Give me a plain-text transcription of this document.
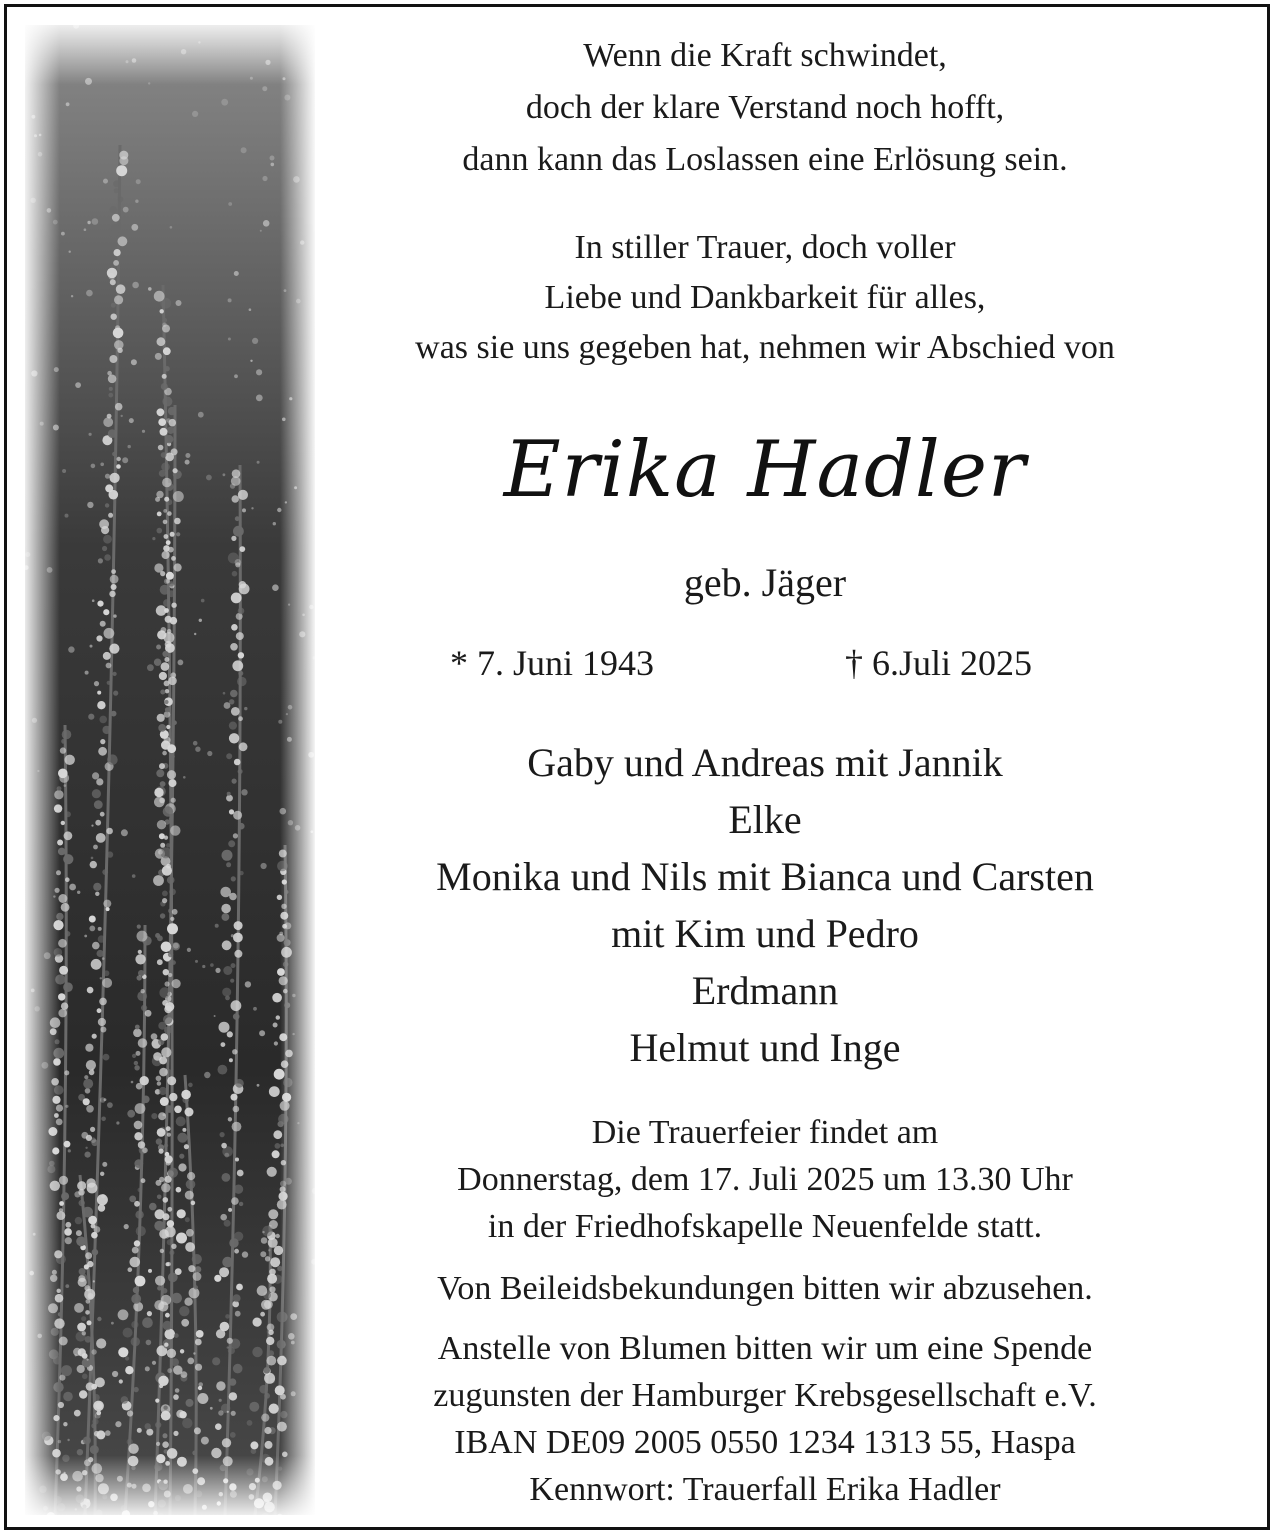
Wenn die Kraft schwindet,
doch der klare Verstand noch hofft,
dann kann das Loslassen eine Erlösung sein.
In stiller Trauer, doch voller
Liebe und Dankbarkeit für alles,
was sie uns gegeben hat, nehmen wir Abschied von
Erika Hadler
geb. Jäger
* 7. Juni 1943	† 6.Juli 2025
Gaby und Andreas mit Jannik
Elke
Monika und Nils mit Bianca und Carsten
mit Kim und Pedro
Erdmann
Helmut und Inge
Die Trauerfeier findet am
Donnerstag, dem 17. Juli 2025 um 13.30 Uhr
in der Friedhofskapelle Neuenfelde statt.
Von Beileidsbekundungen bitten wir abzusehen.
Anstelle von Blumen bitten wir um eine Spende
zugunsten der Hamburger Krebsgesellschaft e.V.
IBAN DE09 2005 0550 1234 1313 55, Haspa
Kennwort: Trauerfall Erika Hadler
